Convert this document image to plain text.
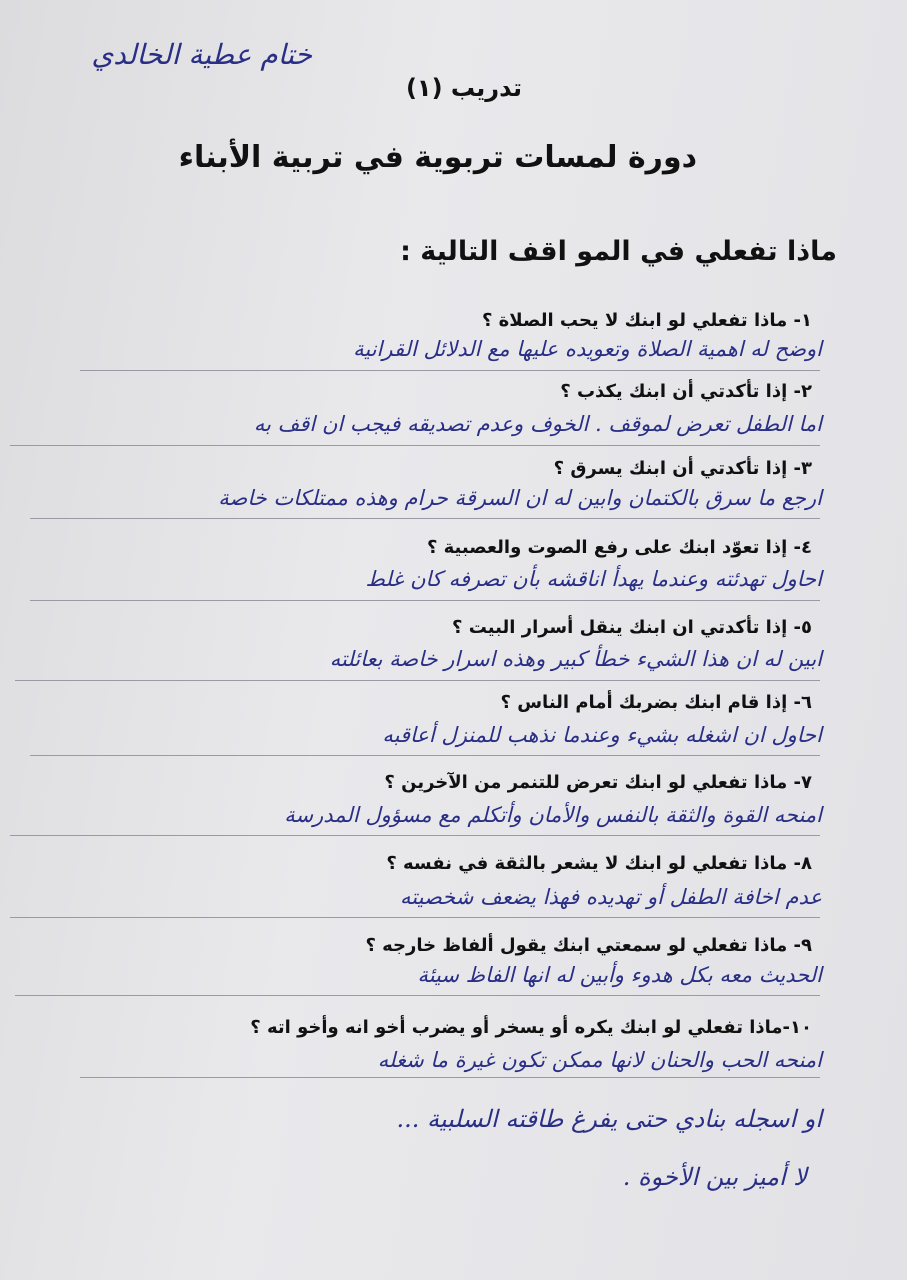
ختام عطية الخالدي
تدريب (١)
دورة لمسات تربوية في تربية الأبناء
ماذا تفعلي في المو اقف التالية :
١- ماذا تفعلي لو ابنك لا يحب الصلاة ؟
اوضح له اهمية الصلاة وتعويده عليها مع الدلائل القرانية
٢- إذا تأكدتي أن ابنك يكذب ؟
اما الطفل تعرض لموقف . الخوف وعدم تصديقه فيجب ان اقف به
٣- إذا تأكدتي أن ابنك يسرق ؟
ارجع ما سرق بالكتمان وابين له ان السرقة حرام وهذه ممتلكات خاصة
٤- إذا تعوّد ابنك على رفع الصوت والعصبية ؟
احاول تهدئته وعندما يهدأ اناقشه بأن تصرفه كان غلط
٥- إذا تأكدتي ان ابنك ينقل أسرار البيت ؟
ابين له ان هذا الشيء خطأ كبير وهذه اسرار خاصة بعائلته
٦- إذا قام ابنك بضربك أمام الناس ؟
احاول ان اشغله بشيء وعندما نذهب للمنزل أعاقبه
٧- ماذا تفعلي لو ابنك تعرض للتنمر من الآخرين ؟
امنحه القوة والثقة بالنفس والأمان وأتكلم مع مسؤول المدرسة
٨- ماذا تفعلي لو ابنك لا يشعر بالثقة في نفسه ؟
عدم اخافة الطفل أو تهديده فهذا يضعف شخصيته
٩- ماذا تفعلي لو سمعتي ابنك يقول ألفاظ خارجه ؟
الحديث معه بكل هدوء وأبين له انها الفاظ سيئة
١٠-ماذا تفعلي لو ابنك يكره أو يسخر أو يضرب أخو انه وأخو اته ؟
امنحه الحب والحنان لانها ممكن تكون غيرة ما شغله
او اسجله بنادي حتى يفرغ طاقته السلبية ...
لا أميز بين الأخوة .
